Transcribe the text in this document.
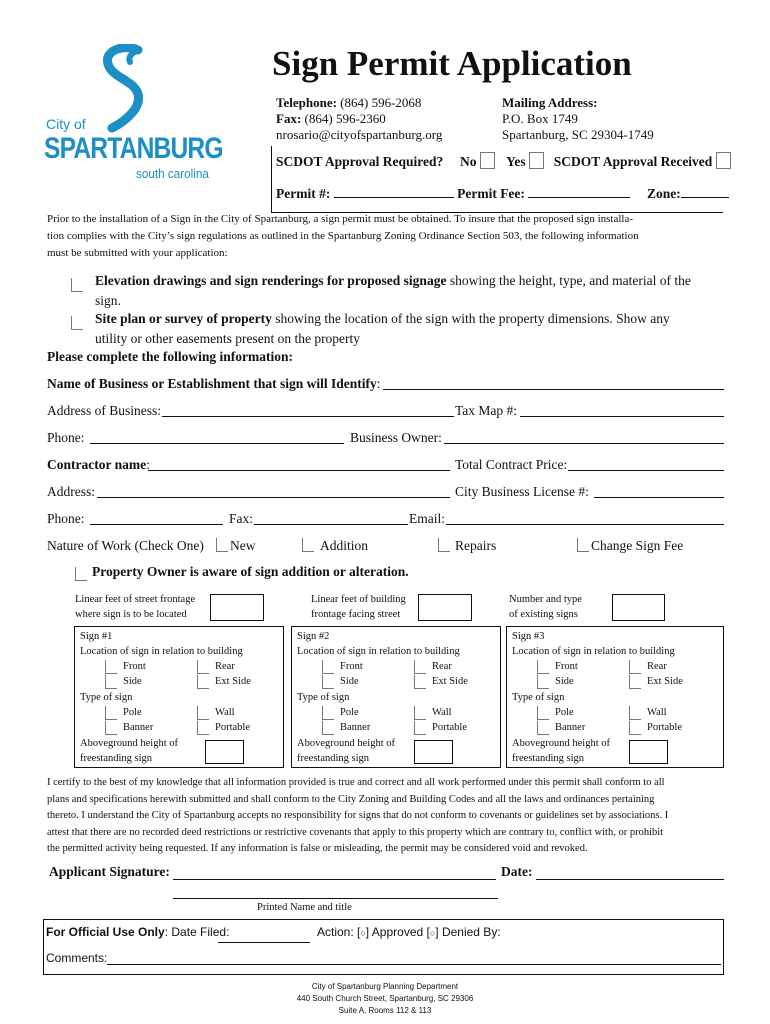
City of
SPARTANBURG
south carolina
Sign Permit Application
Telephone: (864) 596-2068
Fax: (864) 596-2360
nrosario@cityofspartanburg.org
Mailing Address:
P.O. Box 1749
Spartanburg, SC 29304-1749
SCDOT Approval Required? No Yes SCDOT Approval Received
Permit #:	Permit Fee:	Zone:
Prior to the installation of a Sign in the City of Spartanburg, a sign permit must be obtained. To insure that the proposed sign installa-
tion complies with the City’s sign regulations as outlined in the Spartanburg Zoning Ordinance Section 503, the following information
must be submitted with your application:
Elevation drawings and sign renderings for proposed signage showing the height, type, and material of the
sign.
Site plan or survey of property showing the location of the sign with the property dimensions. Show any
utility or other easements present on the property
Please complete the following information:
Name of Business or Establishment that sign will Identify:
Address of Business:	Tax Map #:
Phone:	Business Owner:
Contractor name:	Total Contract Price:
Address:	City Business License #:
Phone:	Fax:	Email:
Nature of Work (Check One) New	Addition	Repairs	Change Sign Fee
Property Owner is aware of sign addition or alteration.
Linear feet of street frontage
where sign is to be located
Linear feet of building
frontage facing street
Number and type
of existing signs
Sign #1
Location of sign in relation to building
Front	Rear
Side	Ext Side
Type of sign
Pole	Wall
Banner	Portable
Aboveground height of
freestanding sign
Sign #2
Location of sign in relation to building
Front	Rear
Side	Ext Side
Type of sign
Pole	Wall
Banner	Portable
Aboveground height of
freestanding sign
Sign #3
Location of sign in relation to building
Front	Rear
Side	Ext Side
Type of sign
Pole	Wall
Banner	Portable
Aboveground height of
freestanding sign
I certify to the best of my knowledge that all information provided is true and correct and all work performed under this permit shall conform to all
plans and specifications herewith submitted and shall conform to the City Zoning and Building Codes and all the laws and ordinances pertaining
thereto. I understand the City of Spartanburg accepts no responsibility for signs that do not conform to covenants or guidelines set by associations. I
attest that there are no recorded deed restrictions or restrictive covenants that apply to this property which are contrary to, conflict with, or prohibit
the permitted activity being requested. If any information is false or misleading, the permit may be considered void and revoked.
Applicant Signature:	Date:
Printed Name and title
For Official Use Only: Date Filed:	Action: [○] Approved [○] Denied By:
Comments:
City of Spartanburg Planning Department
440 South Church Street, Spartanburg, SC 29306
Suite A, Rooms 112 & 113
